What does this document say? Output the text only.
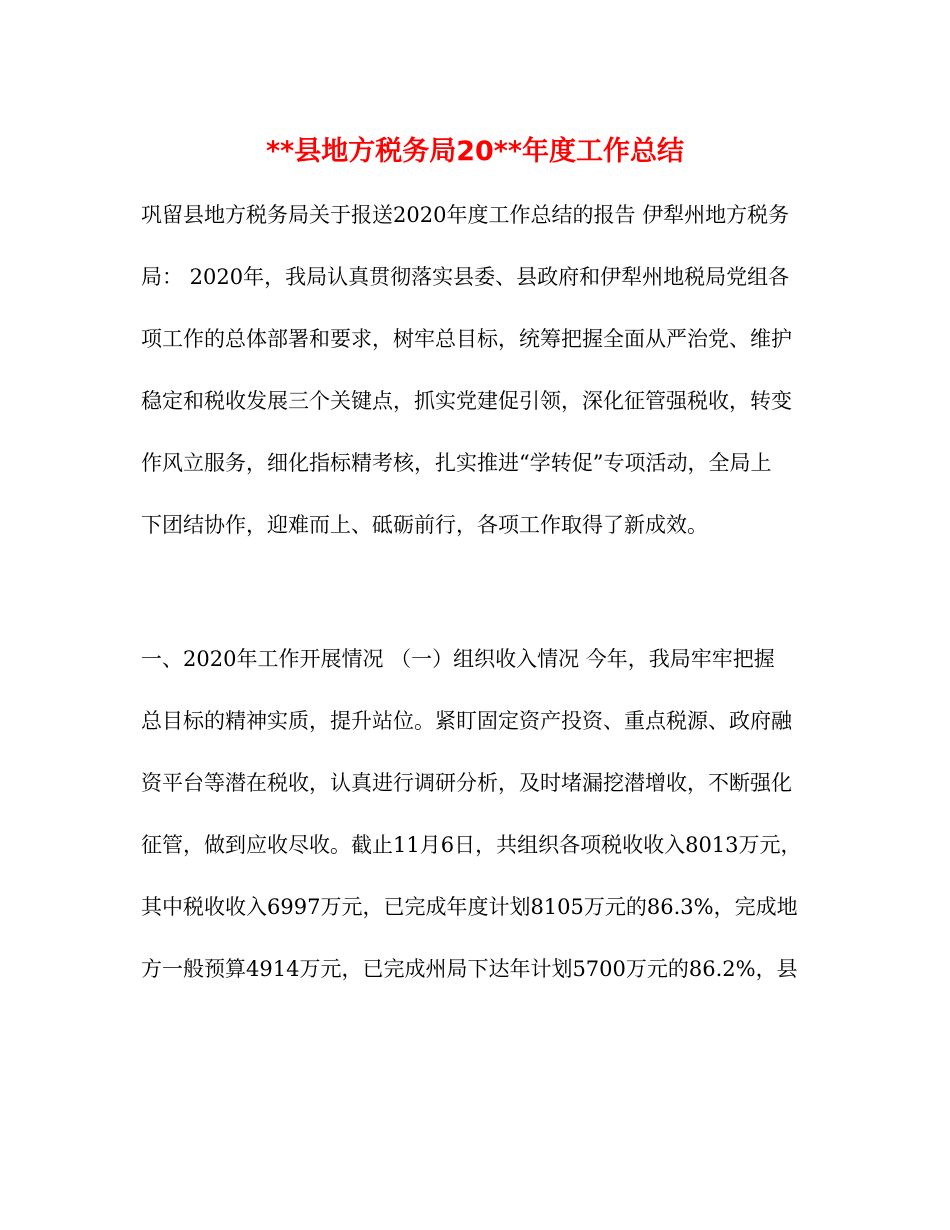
**县地方税务局20**年度工作总结
巩留县地方税务局关于报送2020年度工作总结的报告 伊犁州地方税务
局： 2020年，我局认真贯彻落实县委、县政府和伊犁州地税局党组各
项工作的总体部署和要求，树牢总目标，统筹把握全面从严治党、维护
稳定和税收发展三个关键点，抓实党建促引领，深化征管强税收，转变
作风立服务，细化指标精考核，扎实推进“学转促”专项活动，全局上
下团结协作，迎难而上、砥砺前行，各项工作取得了新成效。
一、2020年工作开展情况 （一）组织收入情况 今年，我局牢牢把握
总目标的精神实质，提升站位。紧盯固定资产投资、重点税源、政府融
资平台等潜在税收，认真进行调研分析，及时堵漏挖潜增收，不断强化
征管，做到应收尽收。截止11月6日，共组织各项税收收入8013万元，
其中税收收入6997万元，已完成年度计划8105万元的86.3%，完成地
方一般预算4914万元，已完成州局下达年计划5700万元的86.2%，县
